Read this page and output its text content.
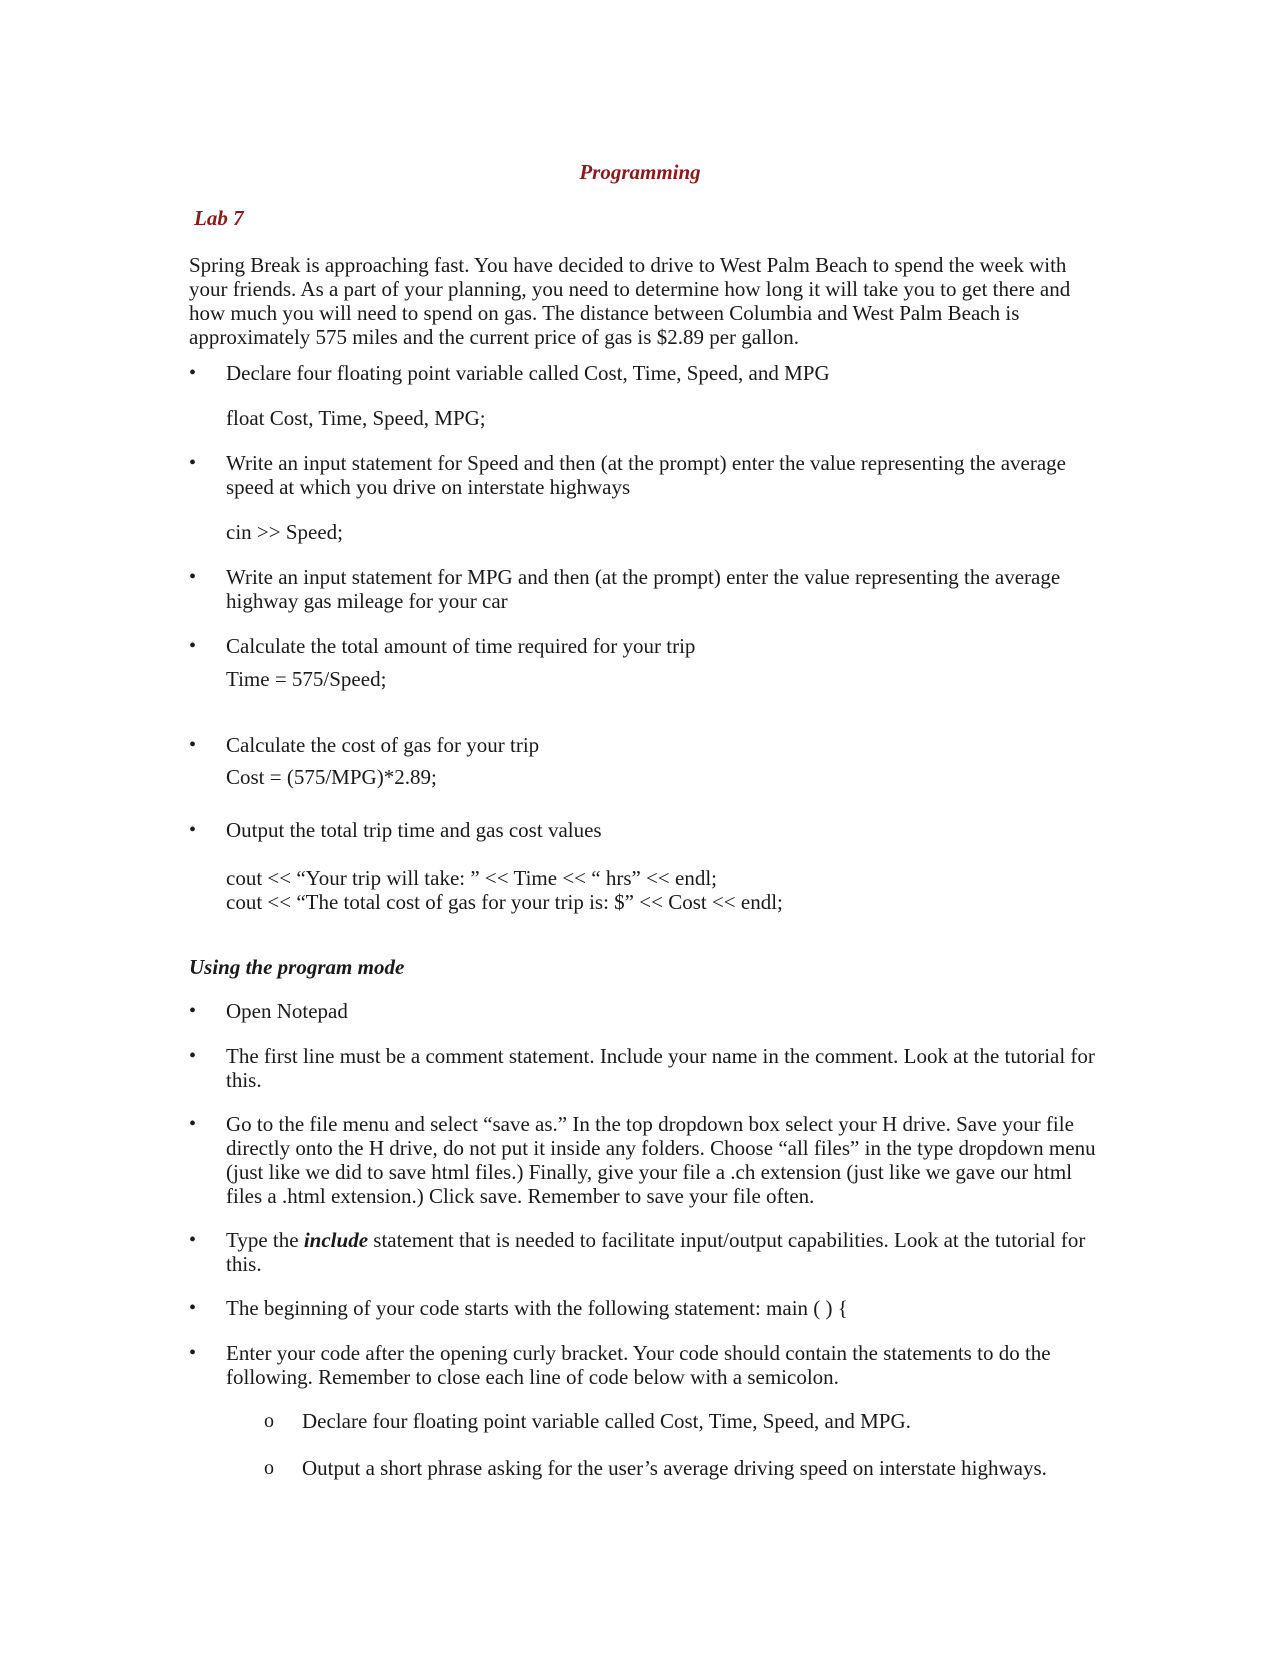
Programming
Lab 7
Spring Break is approaching fast. You have decided to drive to West Palm Beach to spend the week with your friends. As a part of your planning, you need to determine how long it will take you to get there and how much you will need to spend on gas. The distance between Columbia and West Palm Beach is approximately 575 miles and the current price of gas is $2.89 per gallon.
• Declare four floating point variable called Cost, Time, Speed, and MPG
float Cost, Time, Speed, MPG;
• Write an input statement for Speed and then (at the prompt) enter the value representing the average speed at which you drive on interstate highways
cin >> Speed;
• Write an input statement for MPG and then (at the prompt) enter the value representing the average highway gas mileage for your car
• Calculate the total amount of time required for your trip
Time = 575/Speed;
• Calculate the cost of gas for your trip
Cost = (575/MPG)*2.89;
• Output the total trip time and gas cost values
cout << “Your trip will take: ” << Time << “ hrs” << endl;
cout << “The total cost of gas for your trip is: $” << Cost << endl;
Using the program mode
• Open Notepad
• The first line must be a comment statement. Include your name in the comment. Look at the tutorial for this.
• Go to the file menu and select “save as.” In the top dropdown box select your H drive. Save your file directly onto the H drive, do not put it inside any folders. Choose “all files” in the type dropdown menu (just like we did to save html files.) Finally, give your file a .ch extension (just like we gave our html files a .html extension.) Click save. Remember to save your file often.
• Type the include statement that is needed to facilitate input/output capabilities. Look at the tutorial for this.
• The beginning of your code starts with the following statement: main ( ) {
• Enter your code after the opening curly bracket. Your code should contain the statements to do the following. Remember to close each line of code below with a semicolon.
o Declare four floating point variable called Cost, Time, Speed, and MPG.
o Output a short phrase asking for the user’s average driving speed on interstate highways.
